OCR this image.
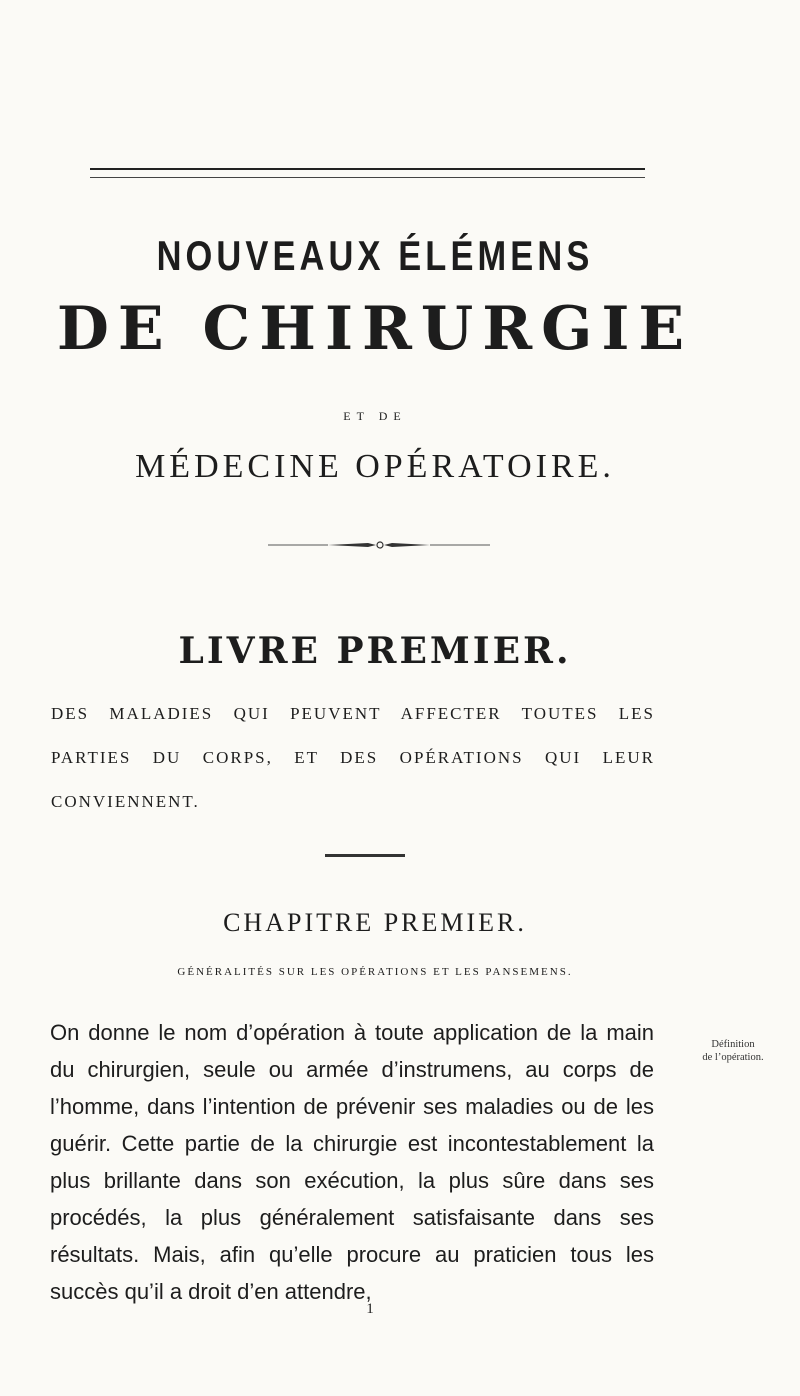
NOUVEAUX ÉLÉMENS
DE CHIRURGIE
ET DE
MÉDECINE OPÉRATOIRE.
LIVRE PREMIER.
DES MALADIES QUI PEUVENT AFFECTER TOUTES LES PARTIES DU CORPS, ET DES OPÉRATIONS QUI LEUR CONVIENNENT.
CHAPITRE PREMIER.
GÉNÉRALITÉS SUR LES OPÉRATIONS ET LES PANSEMENS.

On donne le nom d’opération à toute application de la main du chirurgien, seule ou armée d’instrumens, au corps de l’homme, dans l’intention de prévenir ses maladies ou de les guérir. Cette partie de la chirurgie est incontestablement la plus brillante dans son exécution, la plus sûre dans ses procédés, la plus généralement satisfaisante dans ses résultats. Mais, afin qu’elle procure au praticien tous les succès qu’il a droit d’en attendre,

Définition
de l’opération.
1
